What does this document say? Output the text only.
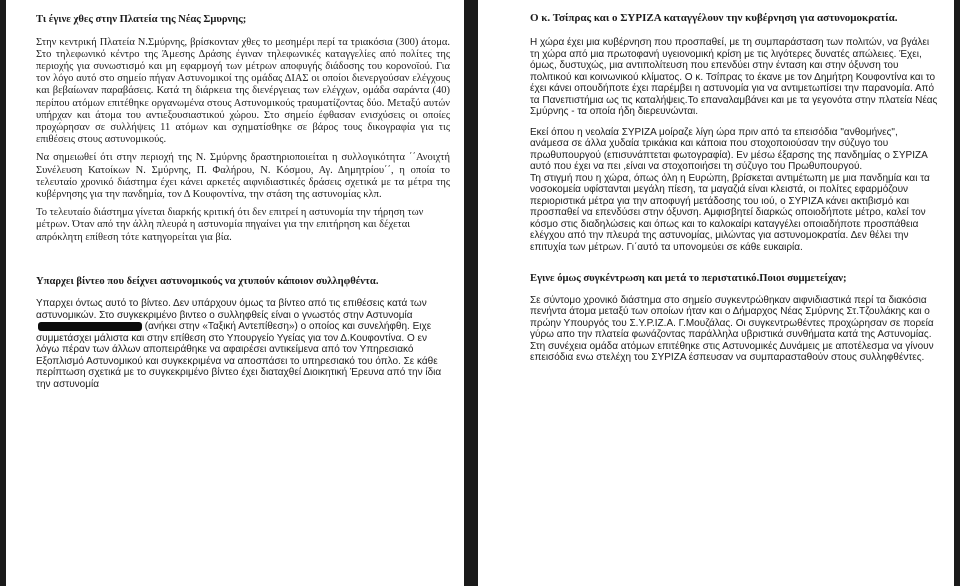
Τι έγινε χθες στην Πλατεία της Νέας Σμυρνης;

Στην κεντρική Πλατεία Ν.Σμύρνης, βρίσκονταν χθες το μεσημέρι περί τα τριακόσια (300) άτομα. Στο τηλεφωνικό κέντρο της Άμεσης Δράσης έγιναν τηλεφωνικές καταγγελίες από πολίτες της περιοχής για συνωστισμό και μη εφαρμογή των μέτρων αποφυγής διάδοσης του κορονοϊού. Για τον λόγο αυτό στο σημείο πήγαν Αστυνομικοί της ομάδας ΔΙΑΣ οι οποίοι διενεργούσαν ελέγχους και βεβαίωναν παραβάσεις. Κατά τη διάρκεια της διενέργειας των ελέγχων, ομάδα σαράντα (40) περίπου ατόμων επιτέθηκε οργανωμένα στους Αστυνομικούς τραυματίζοντας δύο. Μεταξύ αυτών υπήρχαν και άτομα του αντιεξουσιαστικού χώρου. Στο σημείο έφθασαν ενισχύσεις οι οποίες προχώρησαν σε συλλήψεις 11 ατόμων και σχηματίσθηκε σε βάρος τους δικογραφία για τις επιθέσεις στους αστυνομικούς.

Να σημειωθεί ότι στην περιοχή της Ν. Σμύρνης δραστηριοποιείται η συλλογικότητα ΄΄Ανοιχτή Συνέλευση Κατοίκων Ν. Σμύρνης, Π. Φαλήρου, Ν. Κόσμου, Αγ. Δημητρίου΄΄, η οποία το τελευταίο χρονικό διάστημα έχει κάνει αρκετές αιφνιδιαστικές δράσεις σχετικά με τα μέτρα της κυβέρνησης για την πανδημία, τον Δ Κουφοντίνα, την στάση της αστυνομίας κλπ.

Το τελευταίο διάστημα γίνεται διαρκής κριτική ότι δεν επιτρεί η αστυνομία την τήρηση των μέτρων. Όταν από την άλλη πλευρά η αστυνομία πηγαίνει για την επιτήρηση και δέχεται απρόκλητη επίθεση τότε κατηγορείται για βία.

Υπαρχει βίντεο που δείχνει αστυνομικούς να χτυπούν κάποιον συλληφθέντα.

Υπαρχει όντως αυτό το βίντεο. Δεν υπάρχουν όμως τα βίντεο από τις επιθέσεις κατά των αστυνομικών. Στο συγκεκριμένο βιντεο ο συλληφθείς είναι ο γνωστός στην Αστυνομία  (ανήκει στην «Ταξική Αντεπίθεση») ο οποίος και συνελήφθη. Ειχε συμμετάσχει μάλιστα και στην επίθεση στο Υπουργείο Υγείας για τον Δ.Κουφοντίνα. Ο εν λόγω πέραν των άλλων αποπειράθηκε να αφαιρέσει αντικείμενα από τον Υπηρεσιακό Εξοπλισμό Αστυνομικού και συγκεκριμένα να αποσπάσει το υπηρεσιακό του όπλο. Σε κάθε περίπτωση σχετικά με το συγκεκριμένο βίντεο έχει διαταχθεί Διοικητική Έρευνα από την ίδια την αστυνομία

Ο κ. Τσίπρας και ο ΣΥΡΙΖΑ καταγγέλουν την κυβέρνηση για αστυνομοκρατία.

Η χώρα έχει μια κυβέρνηση που προσπαθεί, με τη συμπαράσταση των πολιτών, να βγάλει τη χώρα από μια πρωτοφανή υγειονομική κρίση με τις λιγότερες δυνατές απώλειες. Έχει, όμως, δυστυχώς, μια αντιπολίτευση που επενδύει στην ένταση και στην όξυνση του πολιτικού και κοινωνικού κλίματος. Ο κ. Τσίπρας το έκανε με τον Δημήτρη Κουφοντίνα και το έχει κάνει οπουδήποτε έχει παρέμβει η αστυνομία για να αντιμετωπίσει την παρανομία. Από τα Πανεπιστήμια ως τις καταλήψεις.Το επαναλαμβάνει και με τα γεγονότα στην πλατεία Νέας Σμύρνης - τα οποία ήδη διερευνώνται.

Εκεί όπου η νεολαία ΣΥΡΙΖΑ μοίραζε λίγη ώρα πριν από τα επεισόδια "ανθομήνες", ανάμεσα σε άλλα χυδαία τρικάκια και κάποια που στοχοποιούσαν την σύζυγο του πρωθυπουργού (επισυνάπτεται φωτογραφία). Εν μέσω έξαρσης της πανδημίας ο ΣΥΡΙΖΑ αυτό που έχει να πει ,είναι να στοχοποιήσει τη σύζυγο του Πρωθυπουργού.

Τη στιγμή που η χώρα, όπως όλη η Ευρώπη, βρίσκεται αντιμέτωπη με μια πανδημία και τα νοσοκομεία υφίστανται μεγάλη πίεση, τα μαγαζιά είναι κλειστά, οι πολίτες εφαρμόζουν περιοριστικά μέτρα για την αποφυγή μετάδοσης του ιού, ο ΣΥΡΙΖΑ κάνει ακτιβισμό και προσπαθεί να επενδύσει στην όξυνση. Αμφισβητεί διαρκώς οποιοδήποτε μέτρο, καλεί τον κόσμο στις διαδηλώσεις και όπως και το καλοκαίρι καταγγέλει οποιαδήποτε προσπάθεια ελέγχου από την πλευρά της αστυνομίας, μιλώντας για αστυνομοκρατία. Δεν θέλει την επιτυχία των μέτρων. Γι΄αυτό τα υπονομεύει σε κάθε ευκαιρία.

Εγινε όμως συγκέντρωση και μετά το περιστατικό.Ποιοι συμμετείχαν;

Σε σύντομο χρονικό διάστημα στο σημείο συγκεντρώθηκαν αιφνιδιαστικά περί τα διακόσια πενήντα άτομα μεταξύ των οποίων ήταν και ο Δήμαρχος Νέας Σμύρνης Στ.Τζουλάκης και ο πρώην Υπουργός του Σ.Υ.Ρ.ΙΖ.Α. Γ.Μουζάλας. Οι συγκεντρωθέντες προχώρησαν σε πορεία γύρω απο την πλατεία φωνάζοντας παράλληλα υβριστικά συνθήματα κατά της Αστυνομίας. Στη συνέχεια ομάδα ατόμων επιτέθηκε στις Αστυνομικές Δυνάμεις με αποτέλεσμα να γίνουν επεισόδια ενω στελέχη του ΣΥΡΙΖΑ έσπευσαν να συμπαρασταθούν στους συλληφθέντες.
